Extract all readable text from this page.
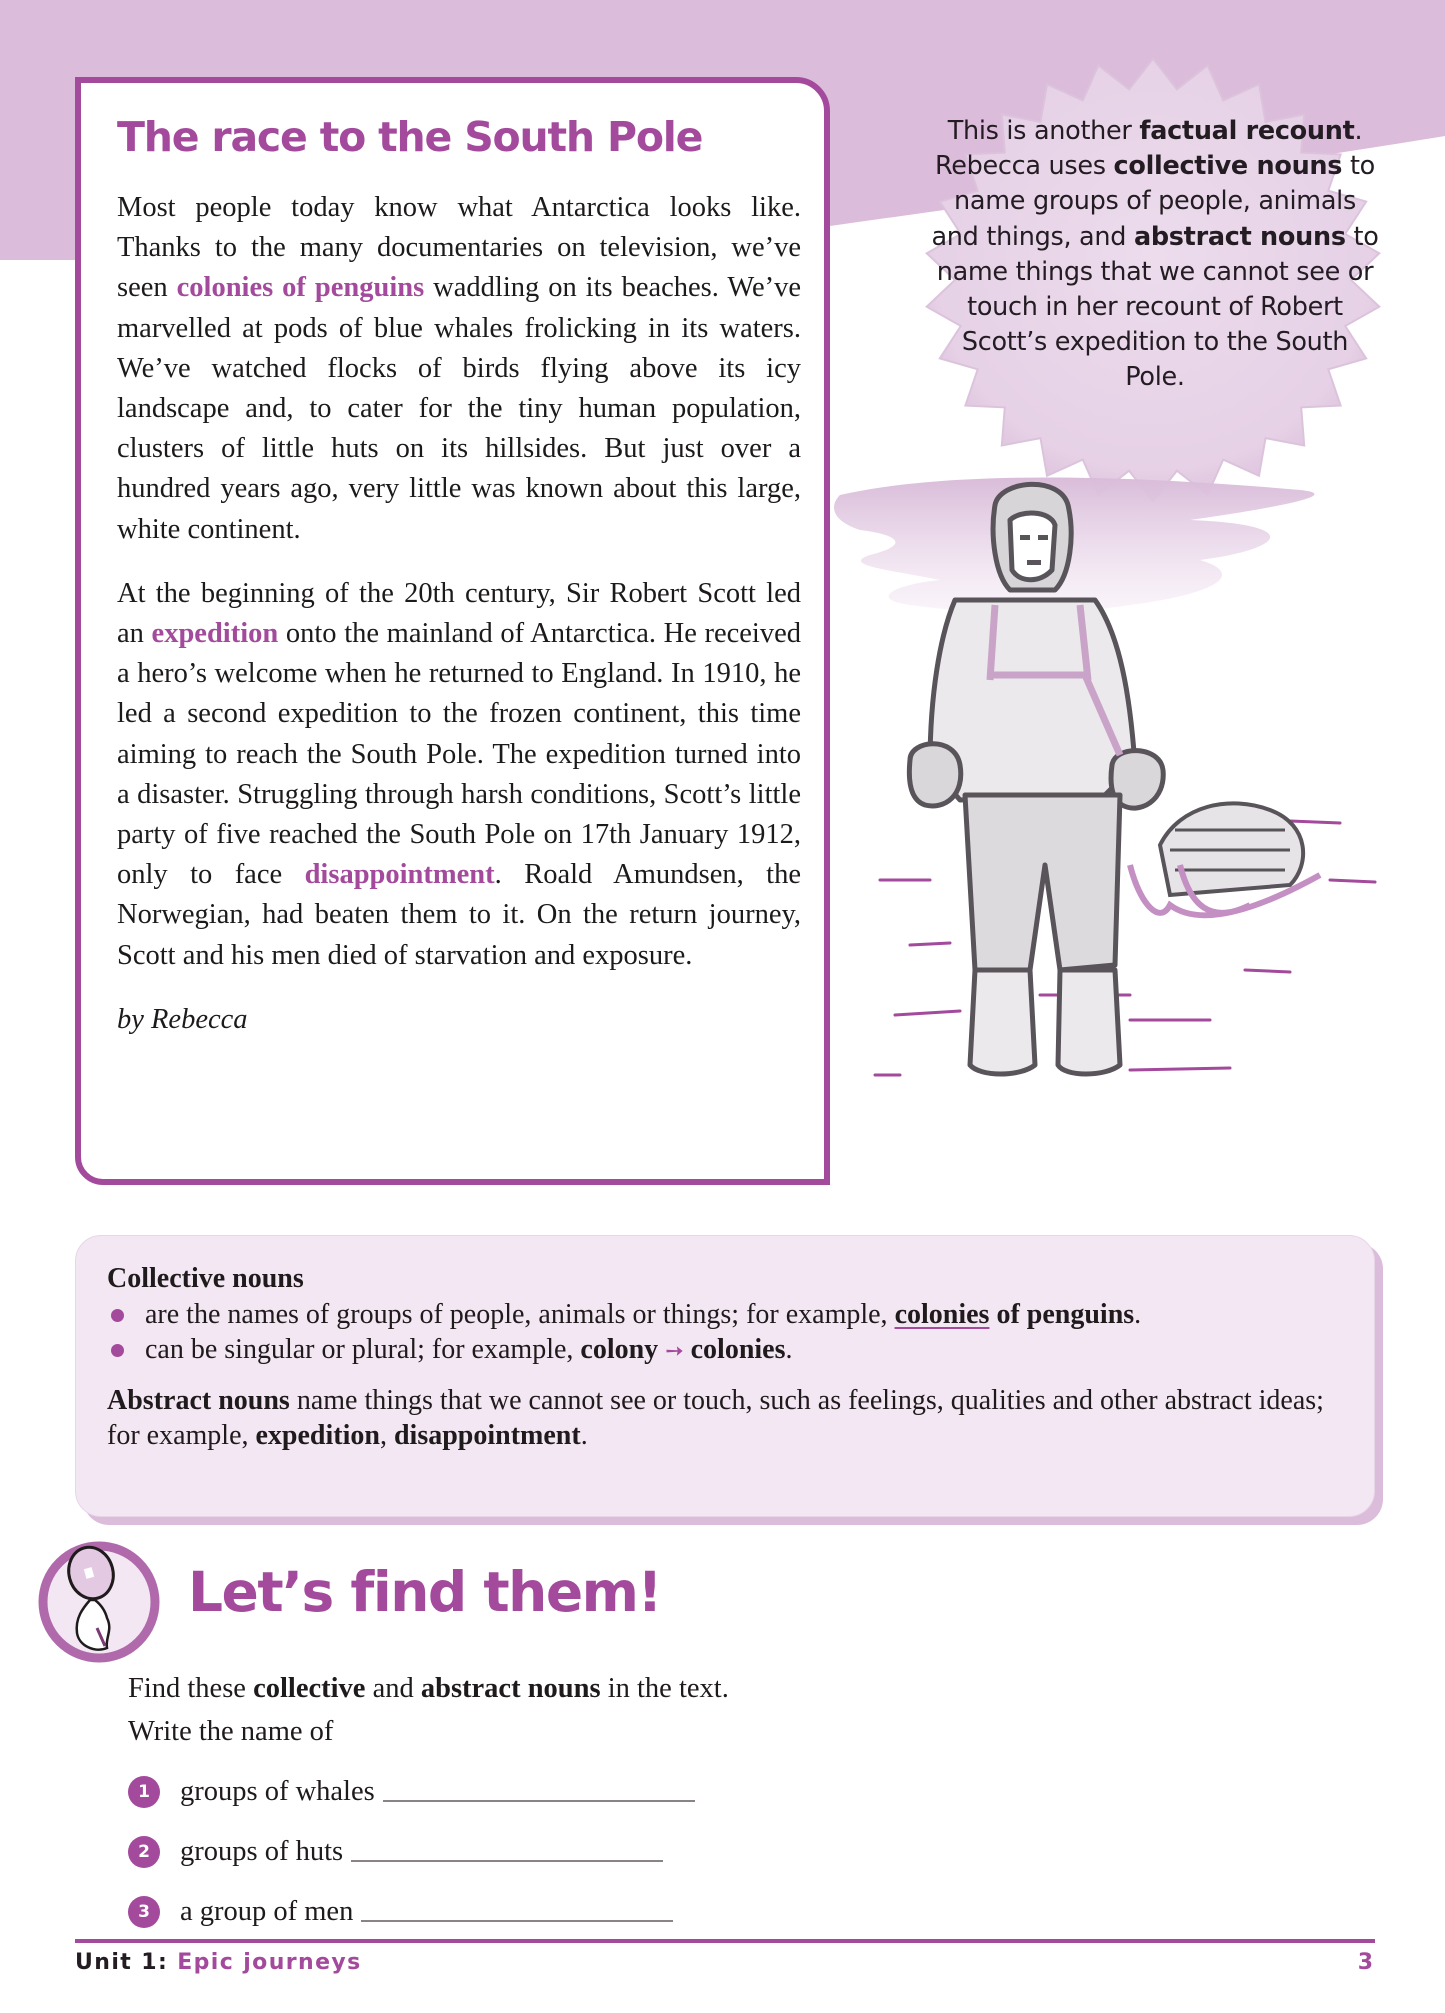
The race to the South Pole

Most people today know what Antarctica looks like. Thanks to the many documentaries on television, we’ve seen colonies of penguins waddling on its beaches. We’ve marvelled at pods of blue whales frolicking in its waters. We’ve watched flocks of birds flying above its icy landscape and, to cater for the tiny human population, clusters of little huts on its hillsides. But just over a hundred years ago, very little was known about this large, white continent.

At the beginning of the 20th century, Sir Robert Scott led an expedition onto the mainland of Antarctica. He received a hero’s welcome when he returned to England. In 1910, he led a second expedition to the frozen continent, this time aiming to reach the South Pole. The expedition turned into a disaster. Struggling through harsh conditions, Scott’s little party of five reached the South Pole on 17th January 1912, only to face disappointment. Roald Amundsen, the Norwegian, had beaten them to it. On the return journey, Scott and his men died of starvation and exposure.

by Rebecca

This is another factual recount. Rebecca uses collective nouns to name groups of people, animals and things, and abstract nouns to name things that we cannot see or touch in her recount of Robert Scott’s expedition to the South Pole.
Collective nouns
are the names of groups of people, animals or things; for example, colonies of penguins.
can be singular or plural; for example, colony ➙ colonies.

Abstract nouns name things that we cannot see or touch, such as feelings, qualities and other abstract ideas; for example, expedition, disappointment.

Let’s find them!
Find these collective and abstract nouns in the text.
Write the name of
1	groups of whales
2	groups of huts
3	a group of men
Unit 1: Epic journeys	3
